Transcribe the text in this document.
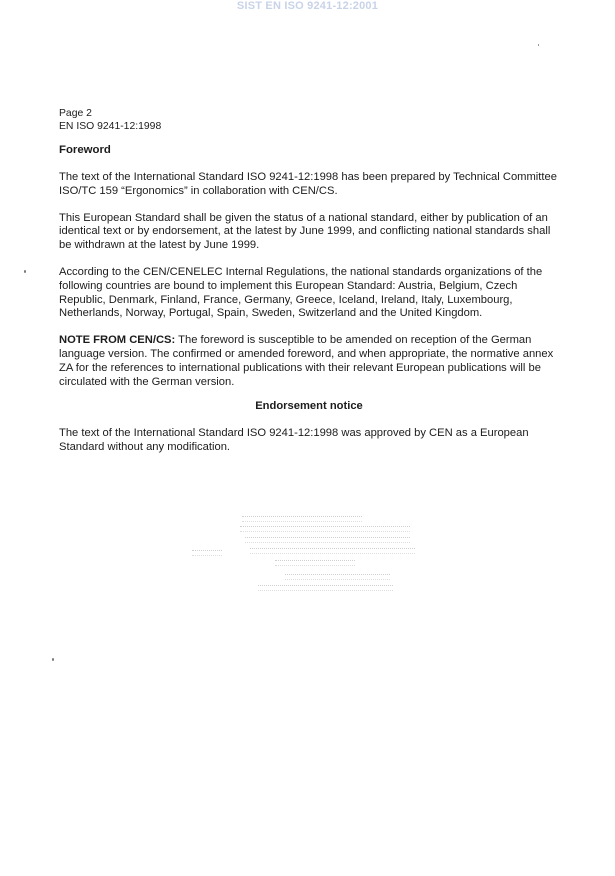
SIST EN ISO 9241-12:2001
Page 2
EN ISO 9241-12:1998
Foreword

The text of the International Standard ISO 9241-12:1998 has been prepared by Technical Committee ISO/TC 159 “Ergonomics” in collaboration with CEN/CS.

This European Standard shall be given the status of a national standard, either by publication of an identical text or by endorsement, at the latest by June 1999, and conflicting national standards shall be withdrawn at the latest by June 1999.

According to the CEN/CENELEC Internal Regulations, the national standards organizations of the following countries are bound to implement this European Standard: Austria, Belgium, Czech Republic, Denmark, Finland, France, Germany, Greece, Iceland, Ireland, Italy, Luxembourg, Netherlands, Norway, Portugal, Spain, Sweden, Switzerland and the United Kingdom.

NOTE FROM CEN/CS: The foreword is susceptible to be amended on reception of the German language version. The confirmed or amended foreword, and when appropriate, the normative annex ZA for the references to international publications with their relevant European publications will be circulated with the German version.

Endorsement notice

The text of the International Standard ISO 9241-12:1998 was approved by CEN as a European Standard without any modification.
